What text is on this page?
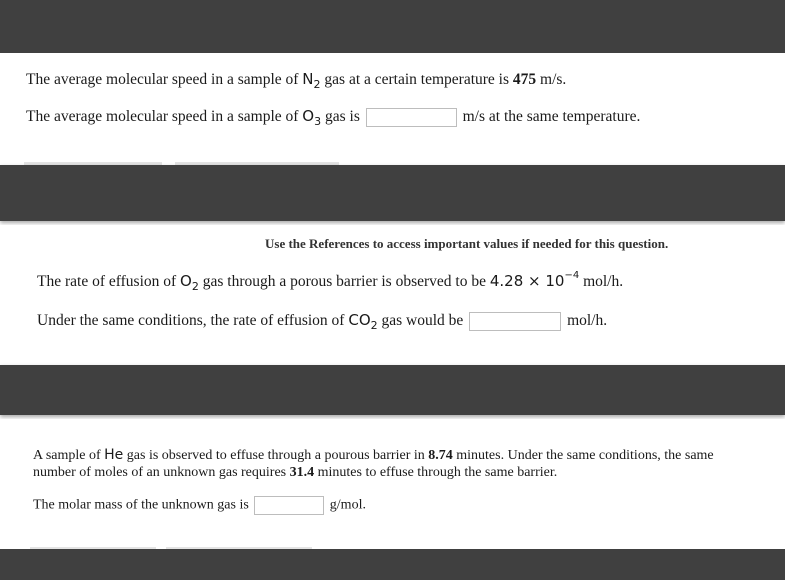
The average molecular speed in a sample of $N_2$ gas at a certain temperature is 475 m/s.
The average molecular speed in a sample of $O_3$ gas is	m/s at the same temperature.
Use the References to access important values if needed for this question.
The rate of effusion of $O_2$ gas through a porous barrier is observed to be $4.28 \times 10^{-4}$ mol/h.
Under the same conditions, the rate of effusion of $CO_2$ gas would be	mol/h.
A sample of He gas is observed to effuse through a pourous barrier in 8.74 minutes. Under the same conditions, the same
number of moles of an unknown gas requires 31.4 minutes to effuse through the same barrier.
The molar mass of the unknown gas is	g/mol.
